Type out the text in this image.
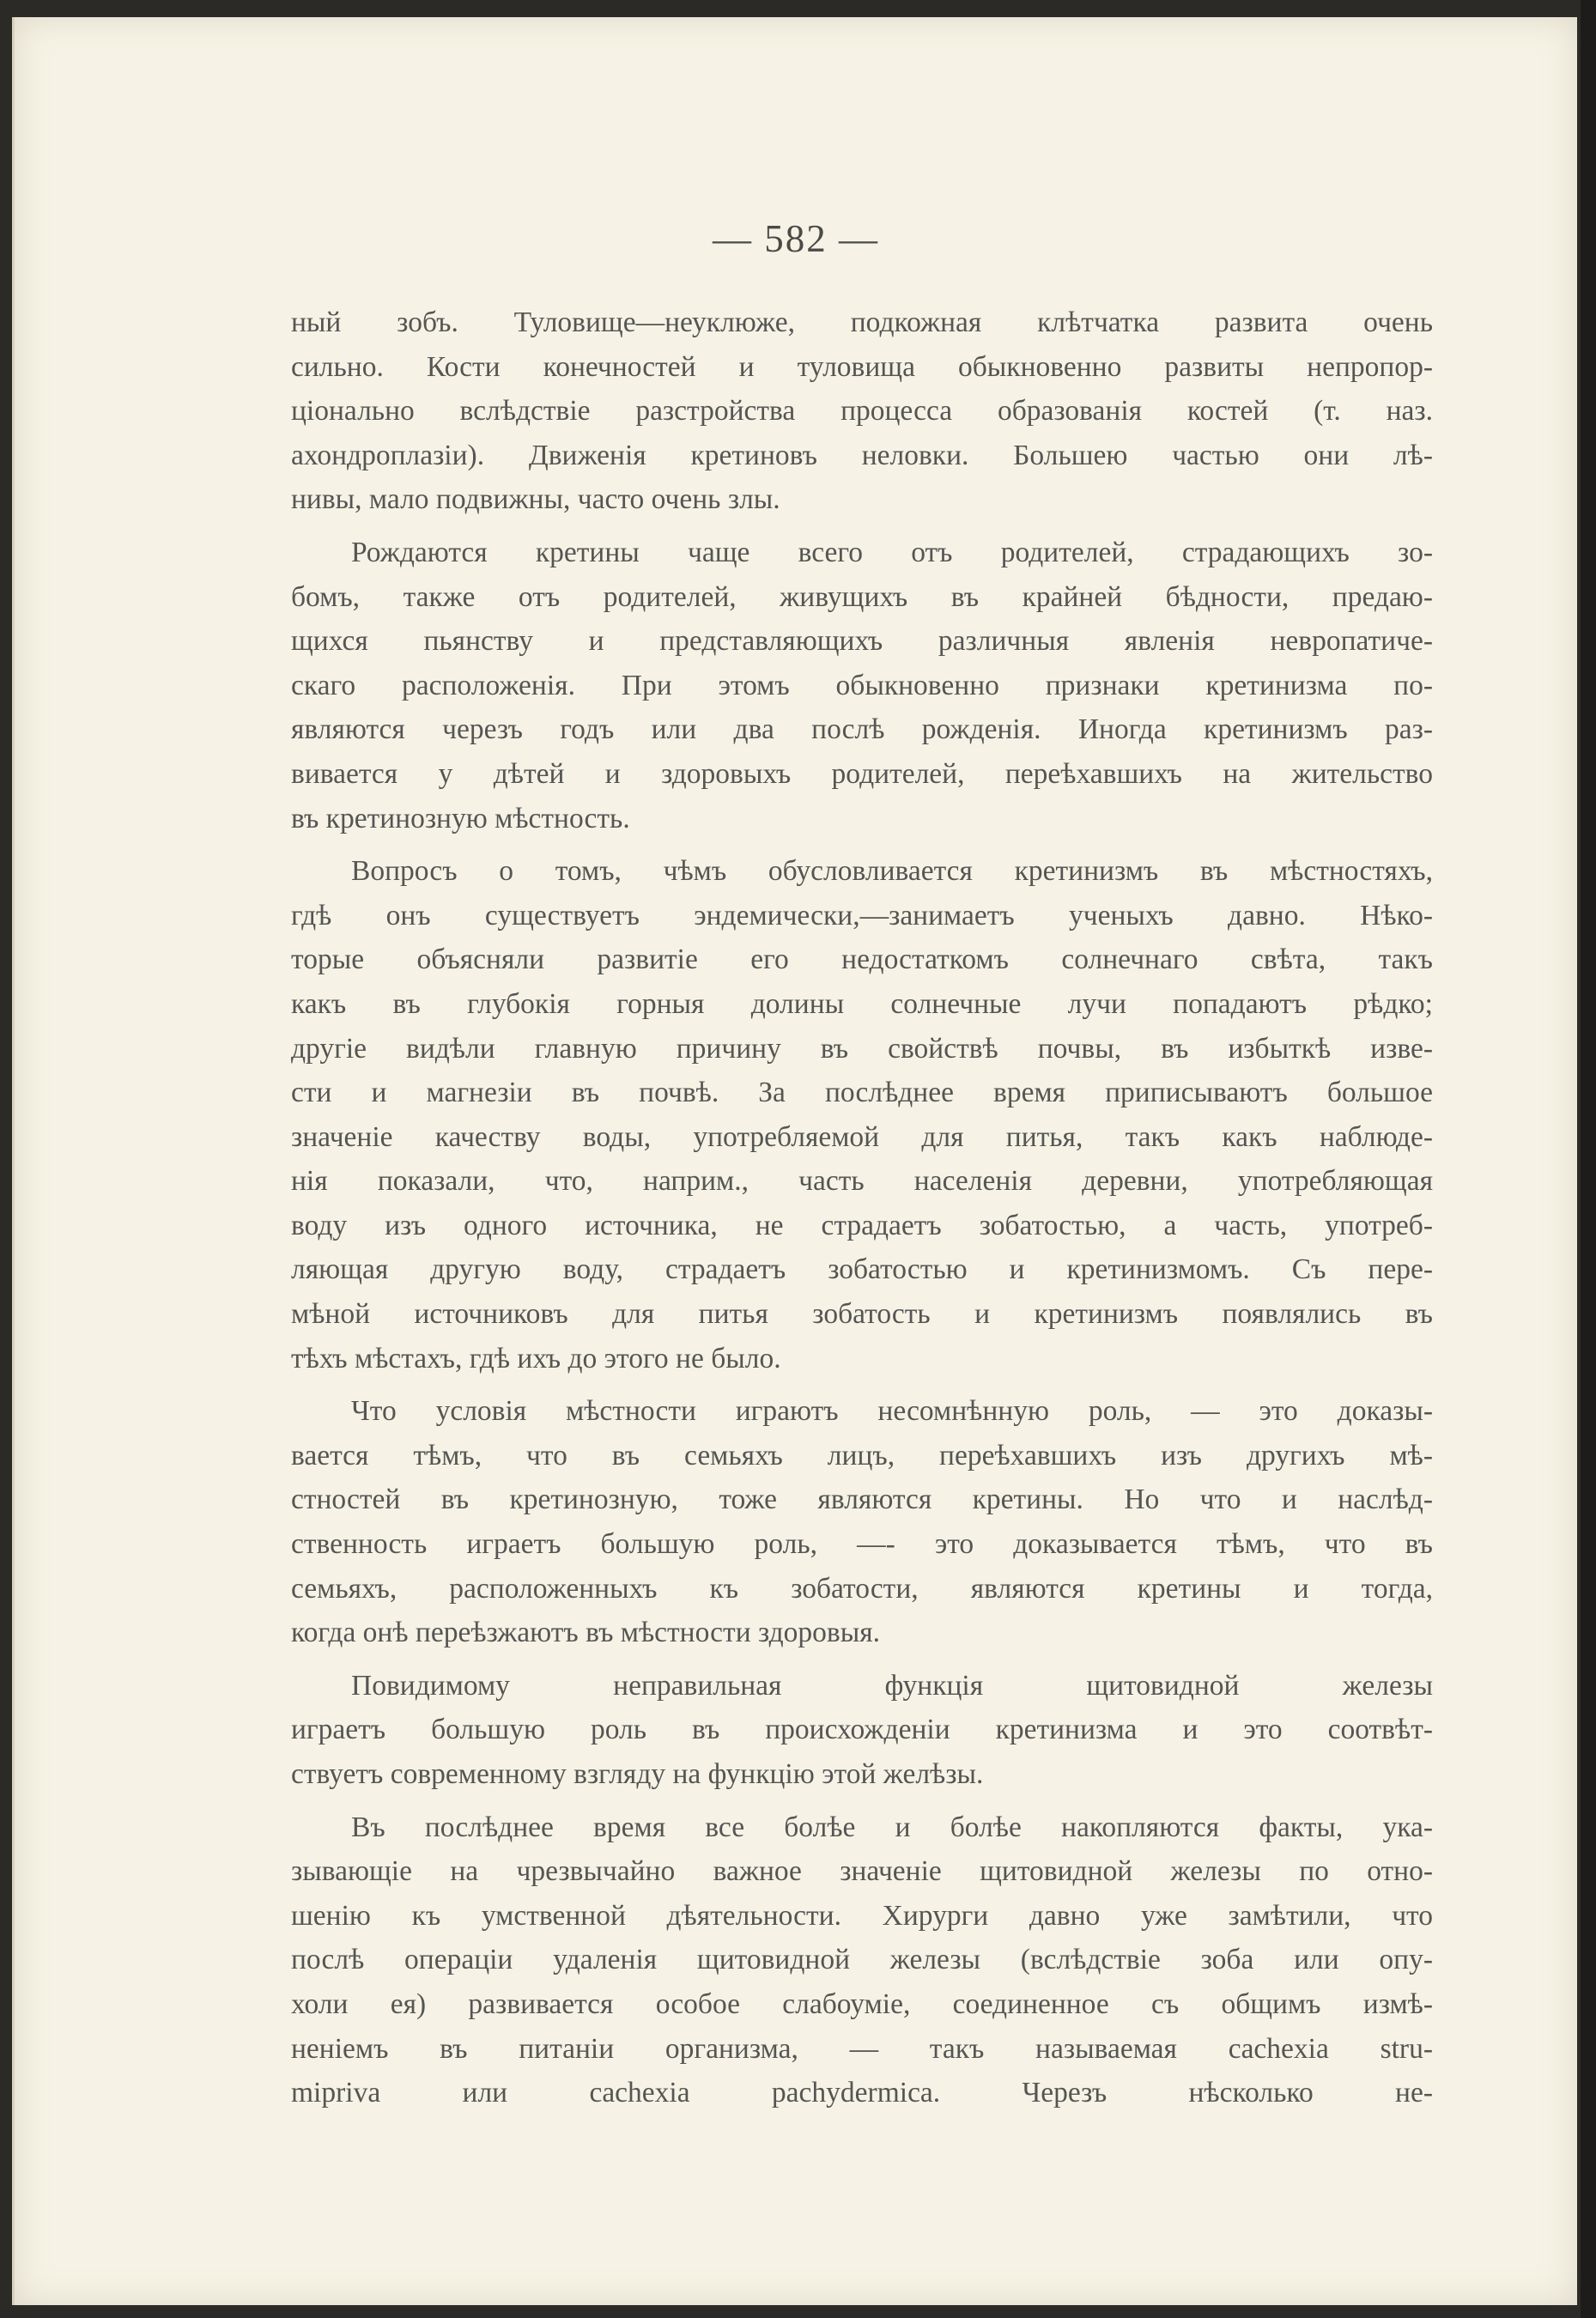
— 582 —
ный зобъ. Туловище—неуклюже, подкожная клѣтчатка развита очень
сильно. Кости конечностей и туловища обыкновенно развиты непропор-
ціонально вслѣдствіе разстройства процесса образованія костей (т. наз.
ахондроплазіи). Движенія кретиновъ неловки. Большею частью они лѣ-
нивы, мало подвижны, часто очень злы.
Рождаются кретины чаще всего отъ родителей, страдающихъ зо-
бомъ, также отъ родителей, живущихъ въ крайней бѣдности, предаю-
щихся пьянству и представляющихъ различныя явленія невропатиче-
скаго расположенія. При этомъ обыкновенно признаки кретинизма по-
являются черезъ годъ или два послѣ рожденія. Иногда кретинизмъ раз-
вивается у дѣтей и здоровыхъ родителей, переѣхавшихъ на жительство
въ кретинозную мѣстность.
Вопросъ о томъ, чѣмъ обусловливается кретинизмъ въ мѣстностяхъ,
гдѣ онъ существуетъ эндемически,—занимаетъ ученыхъ давно. Нѣко-
торые объясняли развитіе его недостаткомъ солнечнаго свѣта, такъ
какъ въ глубокія горныя долины солнечные лучи попадаютъ рѣдко;
другіе видѣли главную причину въ свойствѣ почвы, въ избыткѣ изве-
сти и магнезіи въ почвѣ. За послѣднее время приписываютъ большое
значеніе качеству воды, употребляемой для питья, такъ какъ наблюде-
нія показали, что, наприм., часть населенія деревни, употребляющая
воду изъ одного источника, не страдаетъ зобатостью, а часть, употреб-
ляющая другую воду, страдаетъ зобатостью и кретинизмомъ. Съ пере-
мѣной источниковъ для питья зобатость и кретинизмъ появлялись въ
тѣхъ мѣстахъ, гдѣ ихъ до этого не было.
Что условія мѣстности играютъ несомнѣнную роль, — это доказы-
вается тѣмъ, что въ семьяхъ лицъ, переѣхавшихъ изъ другихъ мѣ-
стностей въ кретинозную, тоже являются кретины. Но что и наслѣд-
ственность играетъ большую роль, —- это доказывается тѣмъ, что въ
семьяхъ, расположенныхъ къ зобатости, являются кретины и тогда,
когда онѣ переѣзжаютъ въ мѣстности здоровыя.
Повидимому неправильная функція щитовидной железы
играетъ большую роль въ происхожденіи кретинизма и это соотвѣт-
ствуетъ современному взгляду на функцію этой желѣзы.
Въ послѣднее время все болѣе и болѣе накопляются факты, ука-
зывающіе на чрезвычайно важное значеніе щитовидной железы по отно-
шенію къ умственной дѣятельности. Хирурги давно уже замѣтили, что
послѣ операціи удаленія щитовидной железы (вслѣдствіе зоба или опу-
холи ея) развивается особое слабоуміе, соединенное съ общимъ измѣ-
неніемъ въ питаніи организма, — такъ называемая cachexia stru-
mipriva или cachexia pachydermica. Черезъ нѣсколько не-
